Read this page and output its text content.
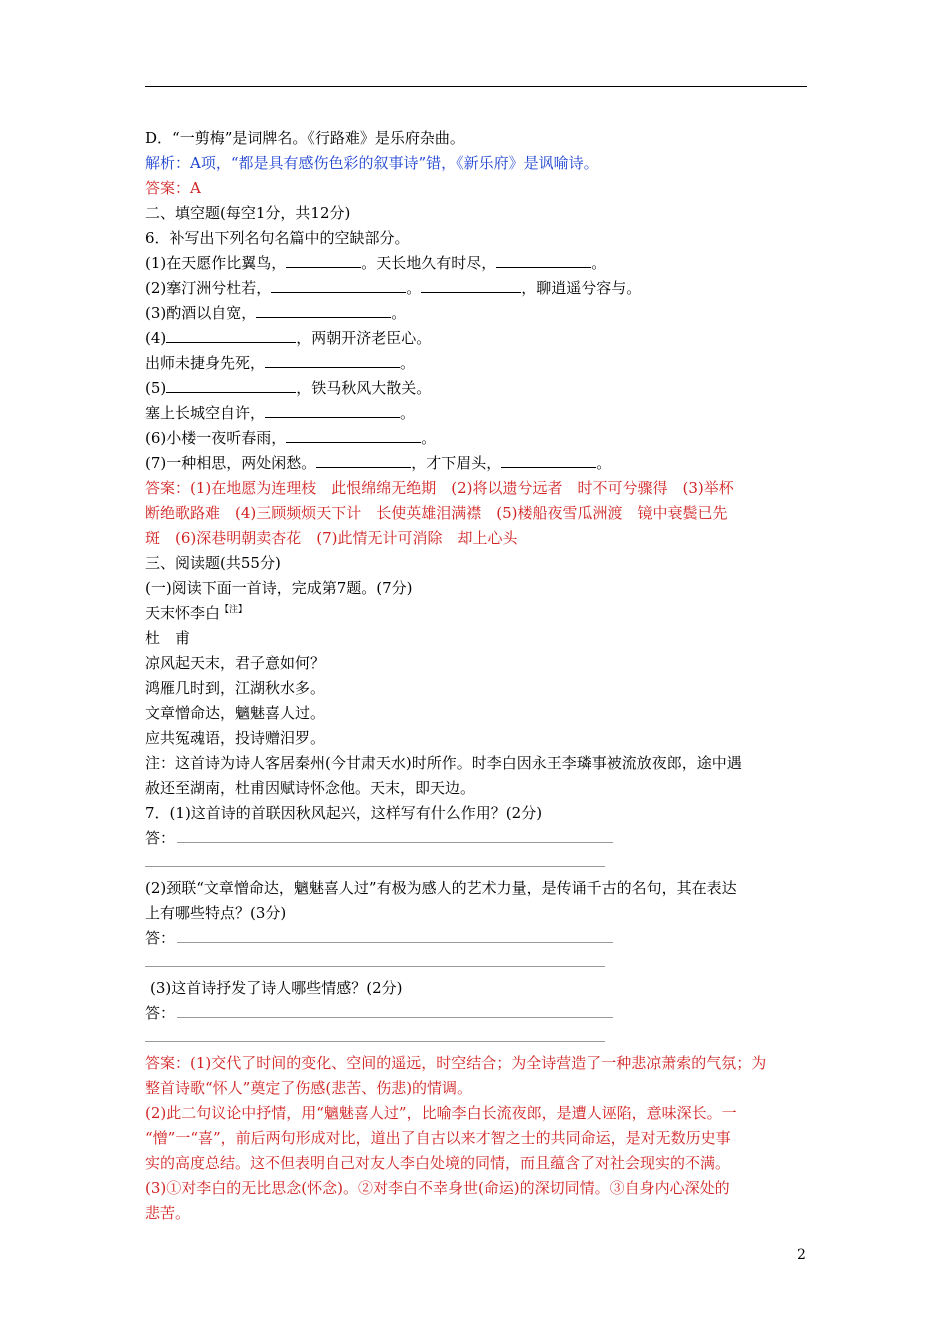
D．“一剪梅”是词牌名。《行路难》是乐府杂曲。
解析：A项，“都是具有感伤色彩的叙事诗”错，《新乐府》是讽喻诗。
答案：A
二、填空题(每空1分，共12分)
6．补写出下列名句名篇中的空缺部分。
(1)在天愿作比翼鸟，	。天长地久有时尽，	。
(2)搴汀洲兮杜若，	。	，聊逍遥兮容与。
(3)酌酒以自宽，	。
(4)	，两朝开济老臣心。
出师未捷身先死，	。
(5)	，铁马秋风大散关。
塞上长城空自许，	。
(6)小楼一夜听春雨，	。
(7)一种相思，两处闲愁。	，才下眉头，	。
答案：(1)在地愿为连理枝　此恨绵绵无绝期　(2)将以遗兮远者　时不可兮骤得　(3)举杯
断绝歌路难　(4)三顾频烦天下计　长使英雄泪满襟　(5)楼船夜雪瓜洲渡　镜中衰鬓已先
斑　(6)深巷明朝卖杏花　(7)此情无计可消除　却上心头
三、阅读题(共55分)
(一)阅读下面一首诗，完成第7题。(7分)
天末怀李白$^{【注】}$
杜　甫
凉风起天末，君子意如何？
鸿雁几时到，江湖秋水多。
文章憎命达，魑魅喜人过。
应共冤魂语，投诗赠汨罗。
注：这首诗为诗人客居秦州(今甘肃天水)时所作。时李白因永王李璘事被流放夜郎，途中遇
赦还至湖南，杜甫因赋诗怀念他。天末，即天边。
7．(1)这首诗的首联因秋风起兴，这样写有什么作用？(2分)
答：
(2)颈联“文章憎命达，魑魅喜人过”有极为感人的艺术力量，是传诵千古的名句，其在表达
上有哪些特点？(3分)
答：
(3)这首诗抒发了诗人哪些情感？(2分)
答：
答案：(1)交代了时间的变化、空间的遥远，时空结合；为全诗营造了一种悲凉萧索的气氛；为
整首诗歌“怀人”奠定了伤感(悲苦、伤悲)的情调。
(2)此二句议论中抒情，用“魑魅喜人过”，比喻李白长流夜郎，是遭人诬陷，意味深长。一
“憎”一“喜”，前后两句形成对比，道出了自古以来才智之士的共同命运，是对无数历史事
实的高度总结。这不但表明自己对友人李白处境的同情，而且蕴含了对社会现实的不满。
(3)①对李白的无比思念(怀念)。②对李白不幸身世(命运)的深切同情。③自身内心深处的
悲苦。
2
